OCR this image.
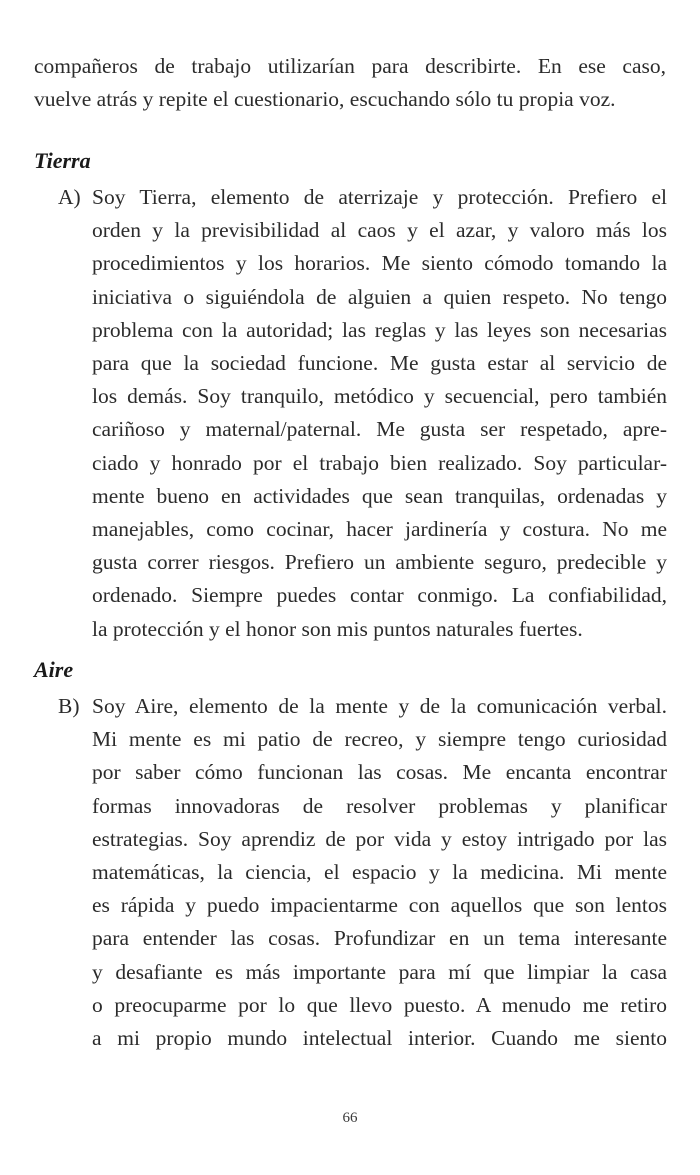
compañeros de trabajo utilizarían para describirte. En ese caso,
vuelve atrás y repite el cuestionario, escuchando sólo tu propia voz.
Tierra
A) Soy Tierra, elemento de aterrizaje y protección. Prefiero el
orden y la previsibilidad al caos y el azar, y valoro más los
procedimientos y los horarios. Me siento cómodo tomando la
iniciativa o siguiéndola de alguien a quien respeto. No tengo
problema con la autoridad; las reglas y las leyes son necesarias
para que la sociedad funcione. Me gusta estar al servicio de
los demás. Soy tranquilo, metódico y secuencial, pero también
cariñoso y maternal/paternal. Me gusta ser respetado, apre-
ciado y honrado por el trabajo bien realizado. Soy particular-
mente bueno en actividades que sean tranquilas, ordenadas y
manejables, como cocinar, hacer jardinería y costura. No me
gusta correr riesgos. Prefiero un ambiente seguro, predecible y
ordenado. Siempre puedes contar conmigo. La confiabilidad,
la protección y el honor son mis puntos naturales fuertes.
Aire
B) Soy Aire, elemento de la mente y de la comunicación verbal.
Mi mente es mi patio de recreo, y siempre tengo curiosidad
por saber cómo funcionan las cosas. Me encanta encontrar
formas innovadoras de resolver problemas y planificar
estrategias. Soy aprendiz de por vida y estoy intrigado por las
matemáticas, la ciencia, el espacio y la medicina. Mi mente
es rápida y puedo impacientarme con aquellos que son lentos
para entender las cosas. Profundizar en un tema interesante
y desafiante es más importante para mí que limpiar la casa
o preocuparme por lo que llevo puesto. A menudo me retiro
a mi propio mundo intelectual interior. Cuando me siento
66
